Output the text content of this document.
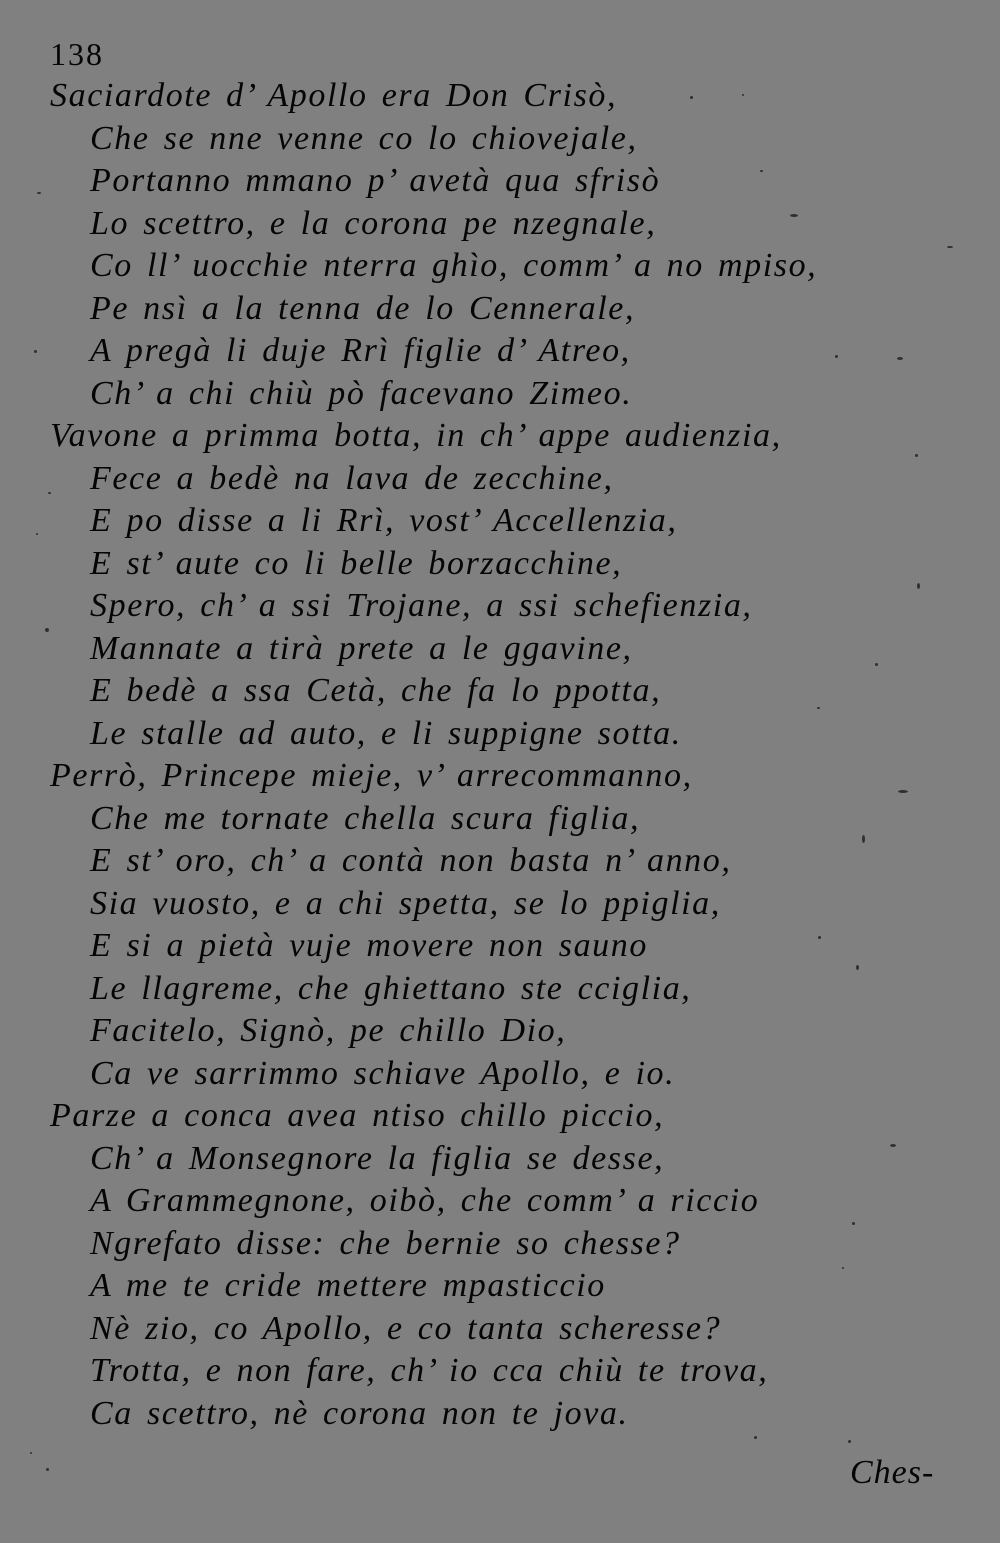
138
Saciardote d’ Apollo era Don Crisò,
Che se nne venne co lo chiovejale,
Portanno mmano p’ avetà qua sfrisò
Lo scettro, e la corona pe nzegnale,
Co ll’ uocchie nterra ghìo, comm’ a no mpiso,
Pe nsì a la tenna de lo Cennerale,
A pregà li duje Rrì figlie d’ Atreo,
Ch’ a chi chiù pò facevano Zimeo.
Vavone a primma botta, in ch’ appe audienzia,
Fece a bedè na lava de zecchine,
E po disse a li Rrì, vost’ Accellenzia,
E st’ aute co li belle borzacchine,
Spero, ch’ a ssi Trojane, a ssi schefienzia,
Mannate a tirà prete a le ggavine,
E bedè a ssa Cetà, che fa lo ppotta,
Le stalle ad auto, e li suppigne sotta.
Perrò, Princepe mieje, v’ arrecommanno,
Che me tornate chella scura figlia,
E st’ oro, ch’ a contà non basta n’ anno,
Sia vuosto, e a chi spetta, se lo ppiglia,
E si a pietà vuje movere non sauno
Le llagreme, che ghiettano ste cciglia,
Facitelo, Signò, pe chillo Dio,
Ca ve sarrimmo schiave Apollo, e io.
Parze a conca avea ntiso chillo piccio,
Ch’ a Monsegnore la figlia se desse,
A Grammegnone, oibò, che comm’ a riccio
Ngrefato disse: che bernie so chesse?
A me te cride mettere mpasticcio
Nè zio, co Apollo, e co tanta scheresse?
Trotta, e non fare, ch’ io cca chiù te trova,
Ca scettro, nè corona non te jova.
Ches-
